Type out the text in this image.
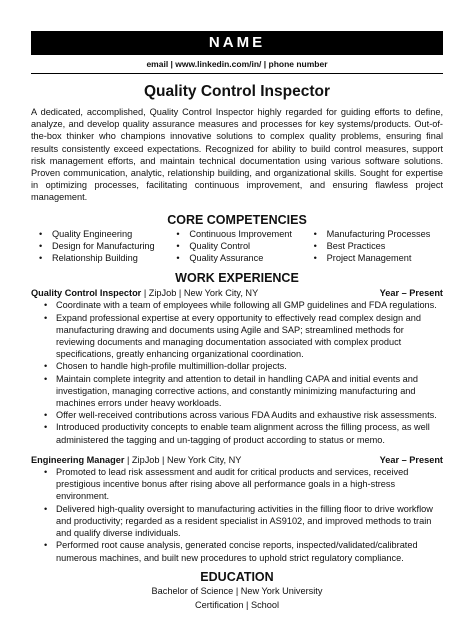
NAME
email | www.linkedin.com/in/ | phone number
Quality Control Inspector
A dedicated, accomplished, Quality Control Inspector highly regarded for guiding efforts to define, analyze, and develop quality assurance measures and processes for key systems/products. Out-of-the-box thinker who champions innovative solutions to complex quality problems, ensuring final results consistently exceed expectations. Recognized for ability to build control measures, support risk management efforts, and maintain technical documentation using various software solutions. Proven communication, analytic, relationship building, and organizational skills. Sought for expertise in optimizing processes, facilitating continuous improvement, and ensuring flawless project management.
CORE COMPETENCIES
• Quality Engineering
• Design for Manufacturing
• Relationship Building
• Continuous Improvement
• Quality Control
• Quality Assurance
• Manufacturing Processes
• Best Practices
• Project Management
WORK EXPERIENCE
Quality Control Inspector | ZipJob | New York City, NY	Year – Present
• Coordinate with a team of employees while following all GMP guidelines and FDA regulations.
• Expand professional expertise at every opportunity to effectively read complex design and manufacturing drawing and documents using Agile and SAP; streamlined methods for reviewing documents and managing documentation associated with complex product specifications, greatly enhancing organizational coordination.
• Chosen to handle high-profile multimillion-dollar projects.
• Maintain complete integrity and attention to detail in handling CAPA and initial events and investigation, managing corrective actions, and constantly minimizing manufacturing and machines errors under heavy workloads.
• Offer well-received contributions across various FDA Audits and exhaustive risk assessments.
• Introduced productivity concepts to enable team alignment across the filling process, as well administered the tagging and un-tagging of product according to status or memo.
Engineering Manager | ZipJob | New York City, NY	Year – Present
• Promoted to lead risk assessment and audit for critical products and services, received prestigious incentive bonus after rising above all performance goals in a high-stress environment.
• Delivered high-quality oversight to manufacturing activities in the filling floor to drive workflow and productivity; regarded as a resident specialist in AS9102, and improved methods to train and qualify diverse individuals.
• Performed root cause analysis, generated concise reports, inspected/validated/calibrated numerous machines, and built new procedures to uphold strict regulatory compliance.
EDUCATION
Bachelor of Science | New York University
Certification | School
